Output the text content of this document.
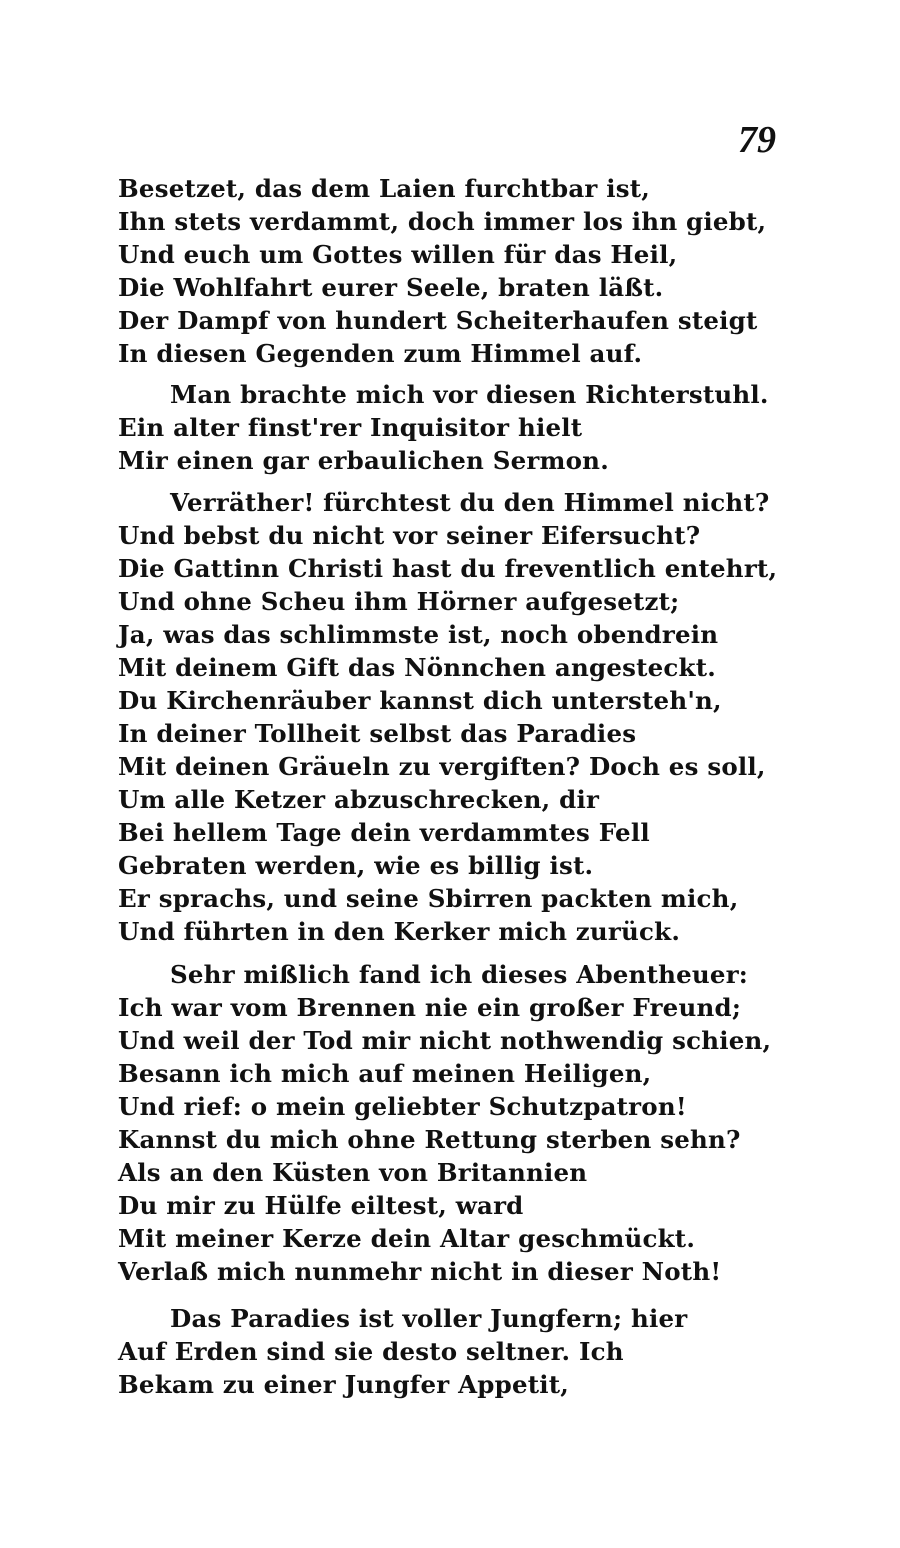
79
Besetzet, das dem Laien furchtbar ist,
Ihn stets verdammt, doch immer los ihn giebt,
Und euch um Gottes willen für das Heil,
Die Wohlfahrt eurer Seele, braten läßt.
Der Dampf von hundert Scheiterhaufen steigt
In diesen Gegenden zum Himmel auf.
Man brachte mich vor diesen Richterstuhl.
Ein alter finst'rer Inquisitor hielt
Mir einen gar erbaulichen Sermon.
Verräther! fürchtest du den Himmel nicht?
Und bebst du nicht vor seiner Eifersucht?
Die Gattinn Christi hast du freventlich entehrt,
Und ohne Scheu ihm Hörner aufgesetzt;
Ja, was das schlimmste ist, noch obendrein
Mit deinem Gift das Nönnchen angesteckt.
Du Kirchenräuber kannst dich untersteh'n,
In deiner Tollheit selbst das Paradies
Mit deinen Gräueln zu vergiften? Doch es soll,
Um alle Ketzer abzuschrecken, dir
Bei hellem Tage dein verdammtes Fell
Gebraten werden, wie es billig ist.
Er sprachs, und seine Sbirren packten mich,
Und führten in den Kerker mich zurück.
Sehr mißlich fand ich dieses Abentheuer:
Ich war vom Brennen nie ein großer Freund;
Und weil der Tod mir nicht nothwendig schien,
Besann ich mich auf meinen Heiligen,
Und rief: o mein geliebter Schutzpatron!
Kannst du mich ohne Rettung sterben sehn?
Als an den Küsten von Britannien
Du mir zu Hülfe eiltest, ward
Mit meiner Kerze dein Altar geschmückt.
Verlaß mich nunmehr nicht in dieser Noth!
Das Paradies ist voller Jungfern; hier
Auf Erden sind sie desto seltner. Ich
Bekam zu einer Jungfer Appetit,
